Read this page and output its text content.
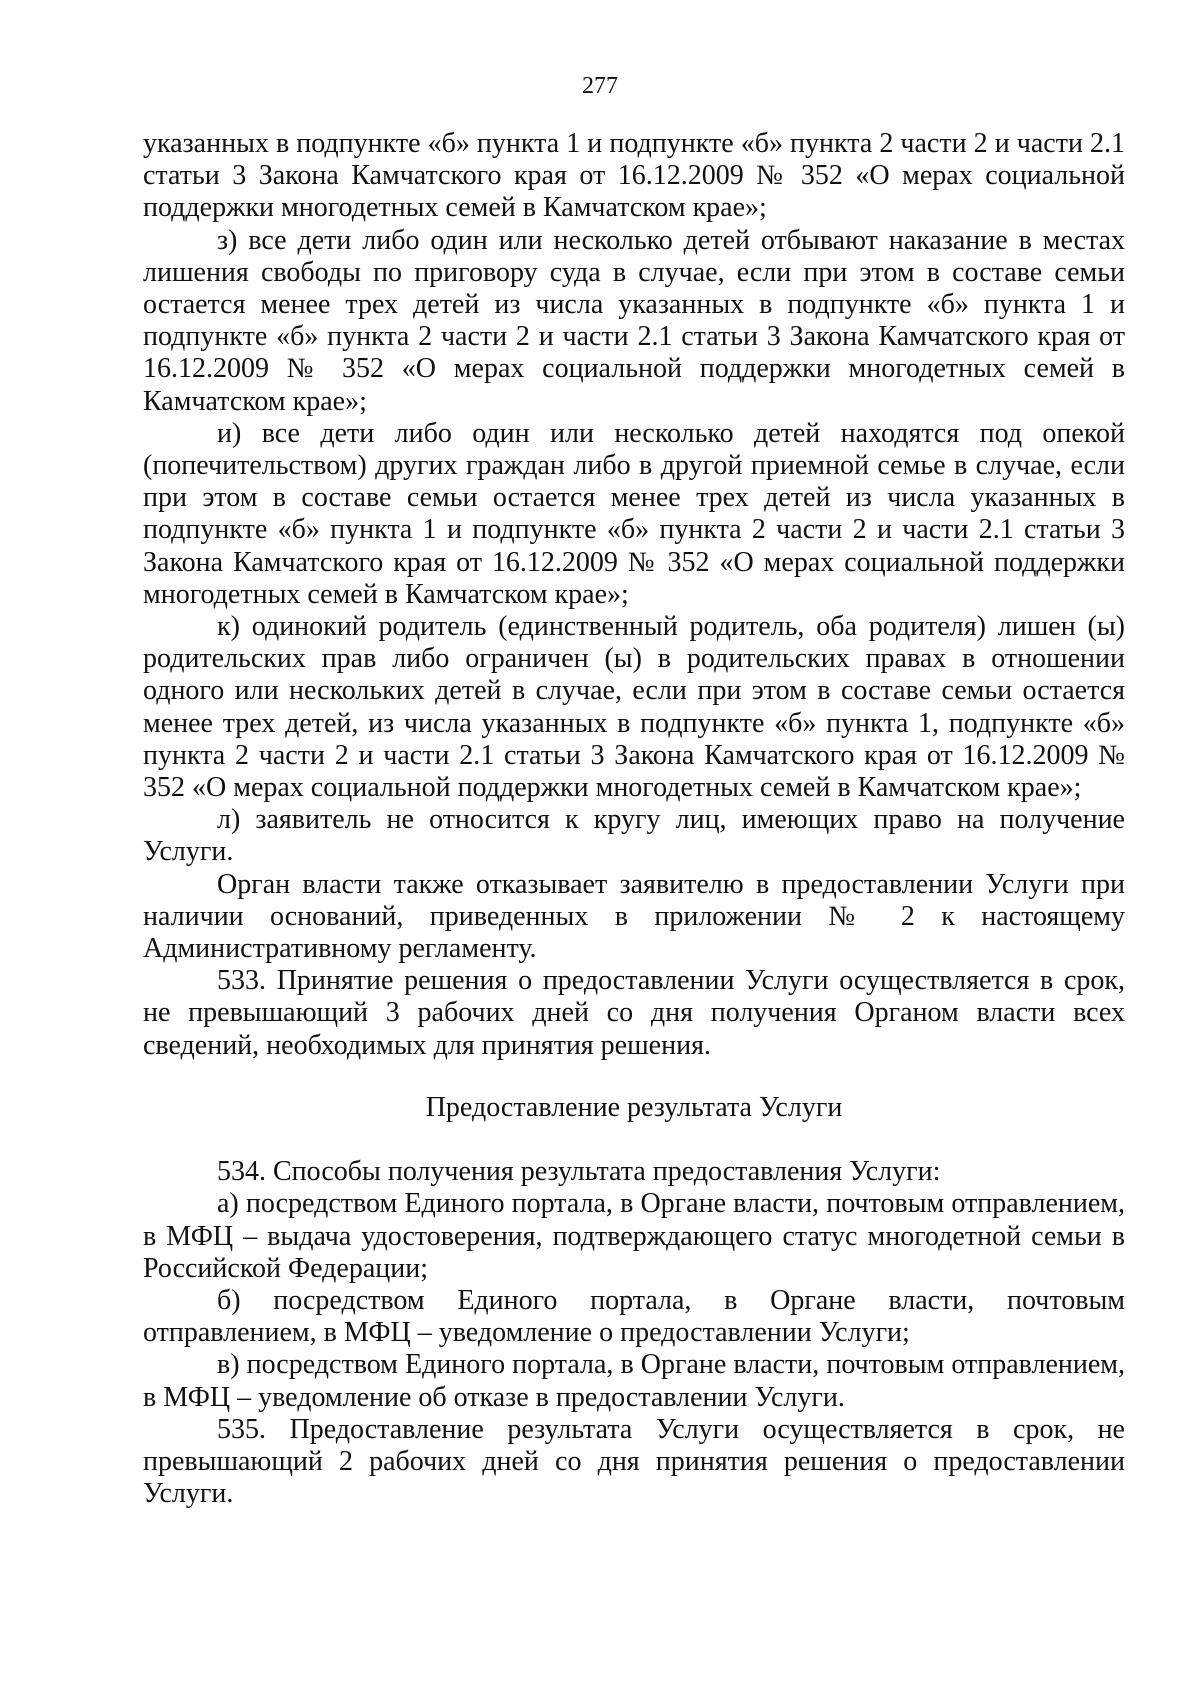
277

указанных в подпункте «б» пункта 1 и подпункте «б» пункта 2 части 2 и части 2.1 статьи 3 Закона Камчатского края от 16.12.2009 № 352 «О мерах социальной поддержки многодетных семей в Камчатском крае»;

з) все дети либо один или несколько детей отбывают наказание в местах лишения свободы по приговору суда в случае, если при этом в составе семьи остается менее трех детей из числа указанных в подпункте «б» пункта 1 и подпункте «б» пункта 2 части 2 и части 2.1 статьи 3 Закона Камчатского края от 16.12.2009 № 352 «О мерах социальной поддержки многодетных семей в Камчатском крае»;

и) все дети либо один или несколько детей находятся под опекой (попечительством) других граждан либо в другой приемной семье в случае, если при этом в составе семьи остается менее трех детей из числа указанных в подпункте «б» пункта 1 и подпункте «б» пункта 2 части 2 и части 2.1 статьи 3 Закона Камчатского края от 16.12.2009 № 352 «О мерах социальной поддержки многодетных семей в Камчатском крае»;

к) одинокий родитель (единственный родитель, оба родителя) лишен (ы) родительских прав либо ограничен (ы) в родительских правах в отношении одного или нескольких детей в случае, если при этом в составе семьи остается менее трех детей, из числа указанных в подпункте «б» пункта 1, подпункте «б» пункта 2 части 2 и части 2.1 статьи 3 Закона Камчатского края от 16.12.2009 № 352 «О мерах социальной поддержки многодетных семей в Камчатском крае»;

л) заявитель не относится к кругу лиц, имеющих право на получение Услуги.

Орган власти также отказывает заявителю в предоставлении Услуги при наличии оснований, приведенных в приложении № 2 к настоящему Административному регламенту.

533. Принятие решения о предоставлении Услуги осуществляется в срок, не превышающий 3 рабочих дней со дня получения Органом власти всех сведений, необходимых для принятия решения.

Предоставление результата Услуги

534. Способы получения результата предоставления Услуги:

а) посредством Единого портала, в Органе власти, почтовым отправлением, в МФЦ – выдача удостоверения, подтверждающего статус многодетной семьи в Российской Федерации;

б) посредством Единого портала, в Органе власти, почтовым отправлением, в МФЦ – уведомление о предоставлении Услуги;

в) посредством Единого портала, в Органе власти, почтовым отправлением, в МФЦ – уведомление об отказе в предоставлении Услуги.

535. Предоставление результата Услуги осуществляется в срок, не превышающий 2 рабочих дней со дня принятия решения о предоставлении Услуги.
